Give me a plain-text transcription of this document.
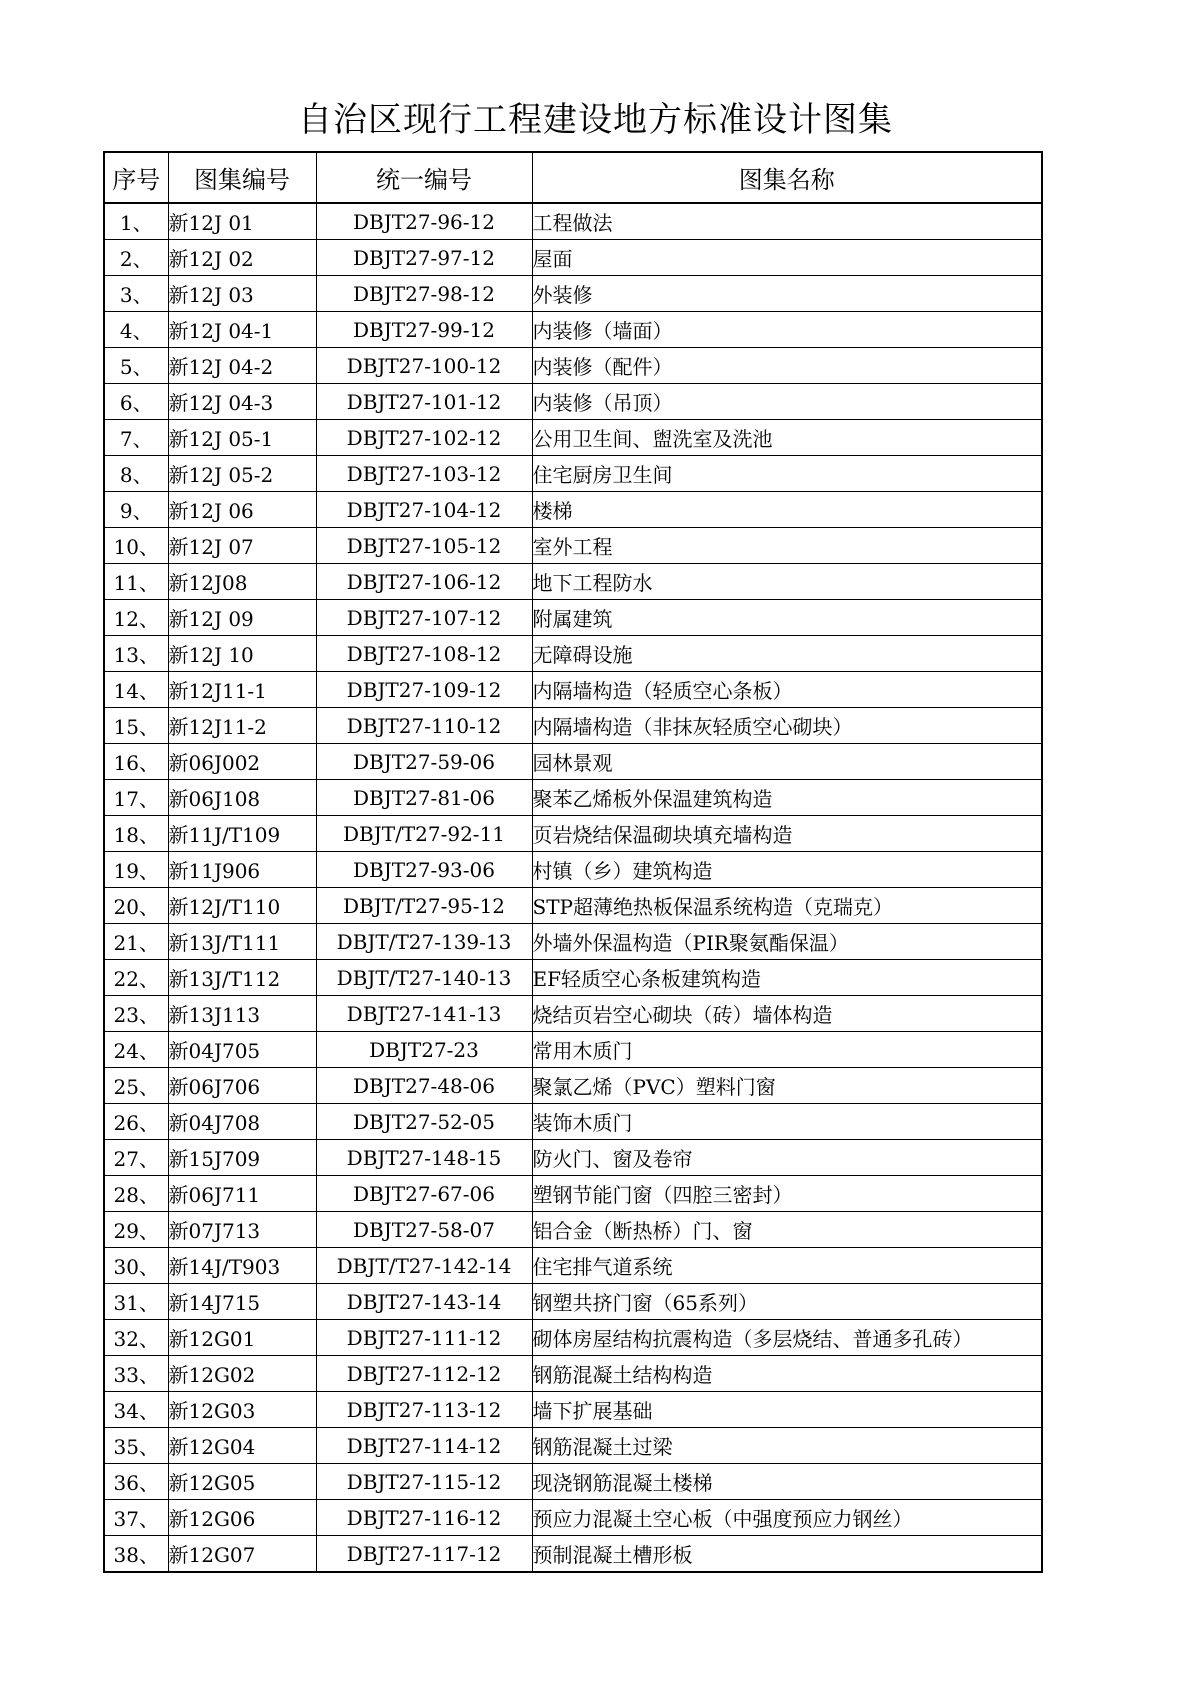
自治区现行工程建设地方标准设计图集
序号	图集编号	统一编号	图集名称
1、	新12J 01	DBJT27-96-12	工程做法
2、	新12J 02	DBJT27-97-12	屋面
3、	新12J 03	DBJT27-98-12	外装修
4、	新12J 04-1	DBJT27-99-12	内装修（墙面）
5、	新12J 04-2	DBJT27-100-12	内装修（配件）
6、	新12J 04-3	DBJT27-101-12	内装修（吊顶）
7、	新12J 05-1	DBJT27-102-12	公用卫生间、盥洗室及洗池
8、	新12J 05-2	DBJT27-103-12	住宅厨房卫生间
9、	新12J 06	DBJT27-104-12	楼梯
10、	新12J 07	DBJT27-105-12	室外工程
11、	新12J08	DBJT27-106-12	地下工程防水
12、	新12J 09	DBJT27-107-12	附属建筑
13、	新12J 10	DBJT27-108-12	无障碍设施
14、	新12J11-1	DBJT27-109-12	内隔墙构造（轻质空心条板）
15、	新12J11-2	DBJT27-110-12	内隔墙构造（非抹灰轻质空心砌块）
16、	新06J002	DBJT27-59-06	园林景观
17、	新06J108	DBJT27-81-06	聚苯乙烯板外保温建筑构造
18、	新11J/T109	DBJT/T27-92-11	页岩烧结保温砌块填充墙构造
19、	新11J906	DBJT27-93-06	村镇（乡）建筑构造
20、	新12J/T110	DBJT/T27-95-12	STP超薄绝热板保温系统构造（克瑞克）
21、	新13J/T111	DBJT/T27-139-13	外墙外保温构造（PIR聚氨酯保温）
22、	新13J/T112	DBJT/T27-140-13	EF轻质空心条板建筑构造
23、	新13J113	DBJT27-141-13	烧结页岩空心砌块（砖）墙体构造
24、	新04J705	DBJT27-23	常用木质门
25、	新06J706	DBJT27-48-06	聚氯乙烯（PVC）塑料门窗
26、	新04J708	DBJT27-52-05	装饰木质门
27、	新15J709	DBJT27-148-15	防火门、窗及卷帘
28、	新06J711	DBJT27-67-06	塑钢节能门窗（四腔三密封）
29、	新07J713	DBJT27-58-07	铝合金（断热桥）门、窗
30、	新14J/T903	DBJT/T27-142-14	住宅排气道系统
31、	新14J715	DBJT27-143-14	钢塑共挤门窗（65系列）
32、	新12G01	DBJT27-111-12	砌体房屋结构抗震构造（多层烧结、普通多孔砖）
33、	新12G02	DBJT27-112-12	钢筋混凝土结构构造
34、	新12G03	DBJT27-113-12	墙下扩展基础
35、	新12G04	DBJT27-114-12	钢筋混凝土过梁
36、	新12G05	DBJT27-115-12	现浇钢筋混凝土楼梯
37、	新12G06	DBJT27-116-12	预应力混凝土空心板（中强度预应力钢丝）
38、	新12G07	DBJT27-117-12	预制混凝土槽形板
